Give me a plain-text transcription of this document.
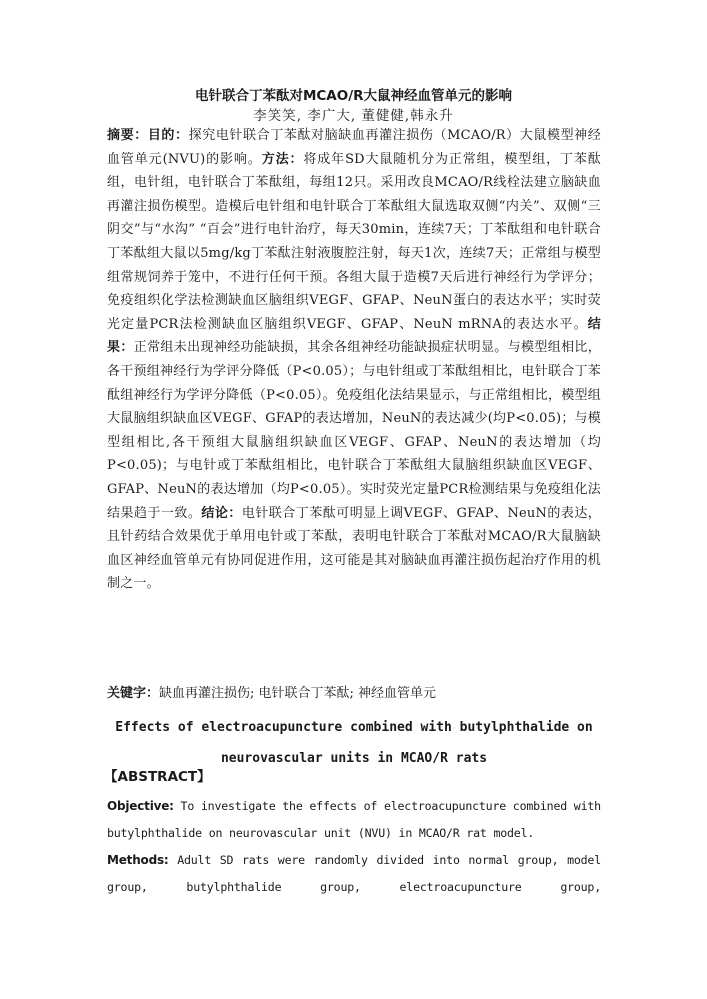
电针联合丁苯酞对MCAO/R大鼠神经血管单元的影响
李笑笑, 李广大, 董健健,韩永升
摘要：目的：探究电针联合丁苯酞对脑缺血再灌注损伤（MCAO/R）大鼠模型神经血管单元(NVU)的影响。方法：将成年SD大鼠随机分为正常组，模型组，丁苯酞组，电针组，电针联合丁苯酞组，每组12只。采用改良MCAO/R线栓法建立脑缺血再灌注损伤模型。造模后电针组和电针联合丁苯酞组大鼠选取双侧“内关”、双侧“三阴交”与“水沟” “百会”进行电针治疗，每天30min，连续7天；丁苯酞组和电针联合丁苯酞组大鼠以5mg/kg丁苯酞注射液腹腔注射，每天1次，连续7天；正常组与模型组常规饲养于笼中，不进行任何干预。各组大鼠于造模7天后进行神经行为学评分；免疫组织化学法检测缺血区脑组织VEGF、GFAP、NeuN蛋白的表达水平；实时荧光定量PCR法检测缺血区脑组织VEGF、GFAP、NeuN mRNA的表达水平。结果：正常组未出现神经功能缺损，其余各组神经功能缺损症状明显。与模型组相比，各干预组神经行为学评分降低（P<0.05）；与电针组或丁苯酞组相比，电针联合丁苯酞组神经行为学评分降低（P<0.05）。免疫组化法结果显示，与正常组相比，模型组大鼠脑组织缺血区VEGF、GFAP的表达增加，NeuN的表达减少(均P<0.05)；与模型组相比,各干预组大鼠脑组织缺血区VEGF、GFAP、NeuN的表达增加（均P<0.05)；与电针或丁苯酞组相比，电针联合丁苯酞组大鼠脑组织缺血区VEGF、GFAP、NeuN的表达增加（均P<0.05）。实时荧光定量PCR检测结果与免疫组化法结果趋于一致。结论：电针联合丁苯酞可明显上调VEGF、GFAP、NeuN的表达，且针药结合效果优于单用电针或丁苯酞，表明电针联合丁苯酞对MCAO/R大鼠脑缺血区神经血管单元有协同促进作用，这可能是其对脑缺血再灌注损伤起治疗作用的机制之一。
关键字：缺血再灌注损伤; 电针联合丁苯酞; 神经血管单元
Effects of electroacupuncture combined with butylphthalide on
neurovascular units in MCAO/R rats
【ABSTRACT】
Objective: To investigate the effects of electroacupuncture combined with butylphthalide on neurovascular unit (NVU) in MCAO/R rat model.
Methods: Adult SD rats were randomly divided into normal group, model
group, butylphthalide group, electroacupuncture group,
